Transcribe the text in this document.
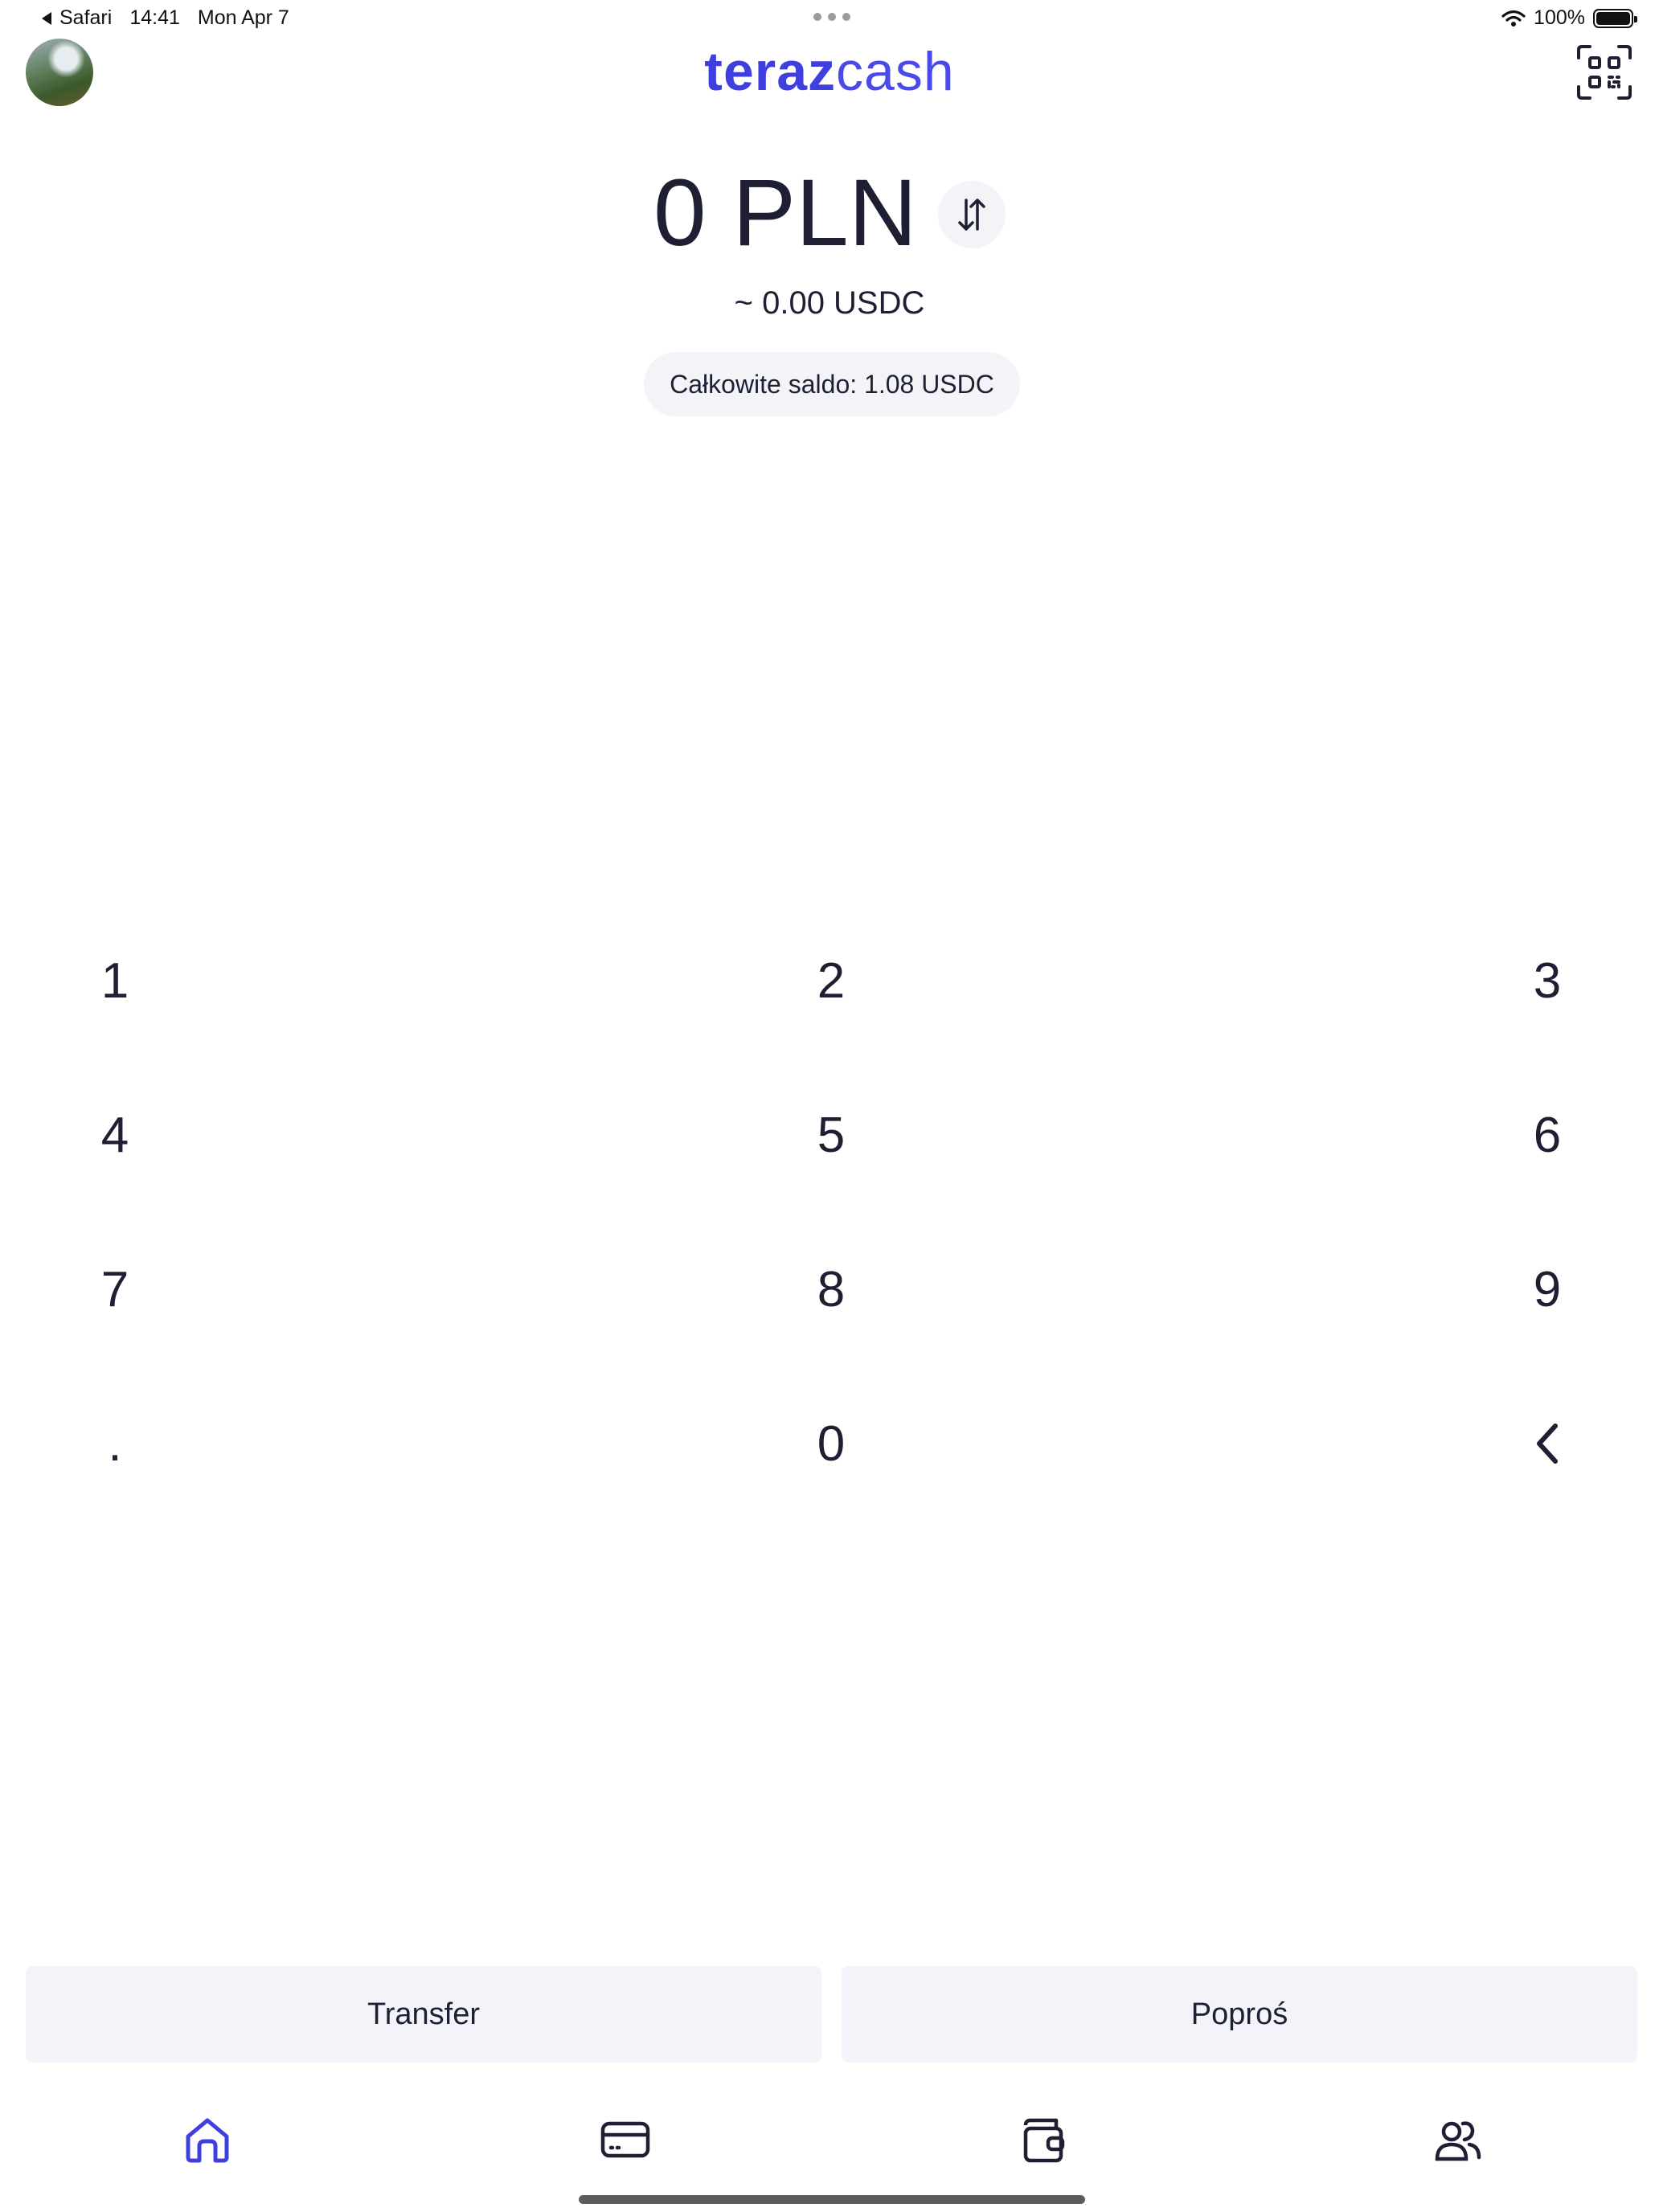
Safari 14:41 Mon Apr 7	100%
terazcash
0 PLN
~ 0.00 USDC
Całkowite saldo: 1.08 USDC
1	2	3
4	5	6
7	8	9
.	0
Transfer	Poproś
